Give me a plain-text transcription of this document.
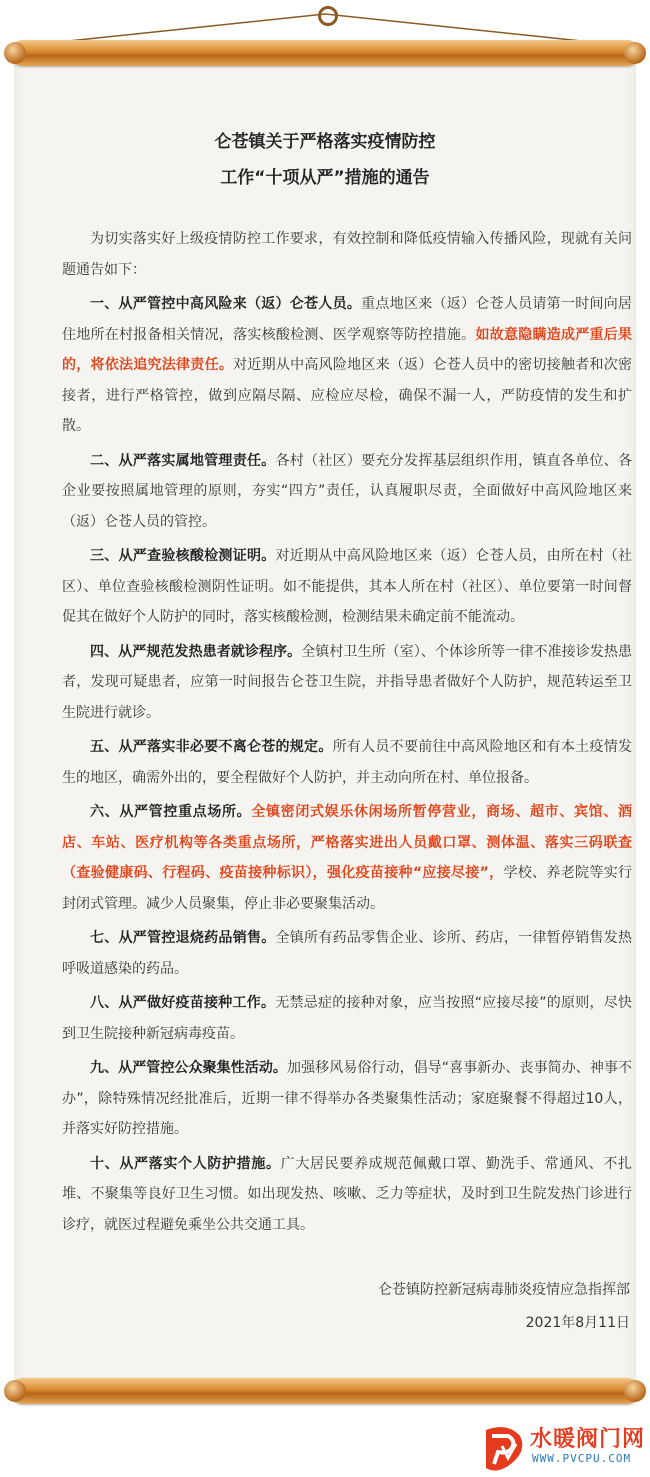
仑苍镇关于严格落实疫情防控
工作“十项从严”措施的通告

为切实落实好上级疫情防控工作要求，有效控制和降低疫情输入传播风险，现就有关问题通告如下：

一、从严管控中高风险来（返）仑苍人员。重点地区来（返）仑苍人员请第一时间向居住地所在村报备相关情况，落实核酸检测、医学观察等防控措施。如故意隐瞒造成严重后果的，将依法追究法律责任。对近期从中高风险地区来（返）仑苍人员中的密切接触者和次密接者，进行严格管控，做到应隔尽隔、应检应尽检，确保不漏一人，严防疫情的发生和扩散。

二、从严落实属地管理责任。各村（社区）要充分发挥基层组织作用，镇直各单位、各企业要按照属地管理的原则，夯实“四方”责任，认真履职尽责，全面做好中高风险地区来（返）仑苍人员的管控。

三、从严查验核酸检测证明。对近期从中高风险地区来（返）仑苍人员，由所在村（社区）、单位查验核酸检测阴性证明。如不能提供，其本人所在村（社区）、单位要第一时间督促其在做好个人防护的同时，落实核酸检测，检测结果未确定前不能流动。

四、从严规范发热患者就诊程序。全镇村卫生所（室）、个体诊所等一律不准接诊发热患者，发现可疑患者，应第一时间报告仑苍卫生院，并指导患者做好个人防护，规范转运至卫生院进行就诊。

五、从严落实非必要不离仑苍的规定。所有人员不要前往中高风险地区和有本土疫情发生的地区，确需外出的，要全程做好个人防护，并主动向所在村、单位报备。

六、从严管控重点场所。全镇密闭式娱乐休闲场所暂停营业，商场、超市、宾馆、酒店、车站、医疗机构等各类重点场所，严格落实进出人员戴口罩、测体温、落实三码联查（查验健康码、行程码、疫苗接种标识），强化疫苗接种“应接尽接”，学校、养老院等实行封闭式管理。减少人员聚集，停止非必要聚集活动。

七、从严管控退烧药品销售。全镇所有药品零售企业、诊所、药店，一律暂停销售发热呼吸道感染的药品。

八、从严做好疫苗接种工作。无禁忌症的接种对象，应当按照“应接尽接”的原则，尽快到卫生院接种新冠病毒疫苗。

九、从严管控公众聚集性活动。加强移风易俗行动，倡导“喜事新办、丧事简办、神事不办”，除特殊情况经批准后，近期一律不得举办各类聚集性活动；家庭聚餐不得超过10人，并落实好防控措施。

十、从严落实个人防护措施。广大居民要养成规范佩戴口罩、勤洗手、常通风、不扎堆、不聚集等良好卫生习惯。如出现发热、咳嗽、乏力等症状，及时到卫生院发热门诊进行诊疗，就医过程避免乘坐公共交通工具。

仑苍镇防控新冠病毒肺炎疫情应急指挥部
2021年8月11日
水暖阀门网
WWW.PVCPU.COM
